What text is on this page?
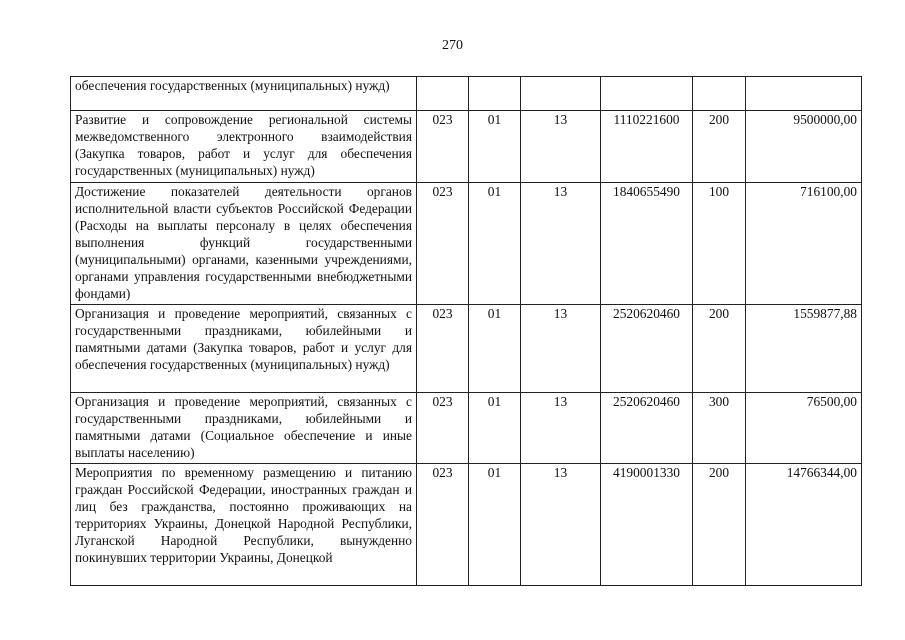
270
обеспечения государственных (муниципальных) нужд)						
Развитие и сопровождение региональной системы межведомственного электронного взаимодействия (Закупка товаров, работ и услуг для обеспечения государственных (муниципальных) нужд)	023	01	13	1110221600	200	9500000,00
Достижение показателей деятельности органов исполнительной власти субъектов Российской Федерации (Расходы на выплаты персоналу в целях обеспечения выполнения функций государственными (муниципальными) органами, казенными учреждениями, органами управления государственными внебюджетными фондами)	023	01	13	1840655490	100	716100,00
Организация и проведение мероприятий, связанных с государственными праздниками, юбилейными и памятными датами (Закупка товаров, работ и услуг для обеспечения государственных (муниципальных) нужд)	023	01	13	2520620460	200	1559877,88
Организация и проведение мероприятий, связанных с государственными праздниками, юбилейными и памятными датами (Социальное обеспечение и иные выплаты населению)	023	01	13	2520620460	300	76500,00
Мероприятия по временному размещению и питанию граждан Российской Федерации, иностранных граждан и лиц без гражданства, постоянно проживающих на территориях Украины, Донецкой Народной Республики, Луганской Народной Республики, вынужденно покинувших территории Украины, Донецкой	023	01	13	4190001330	200	14766344,00
